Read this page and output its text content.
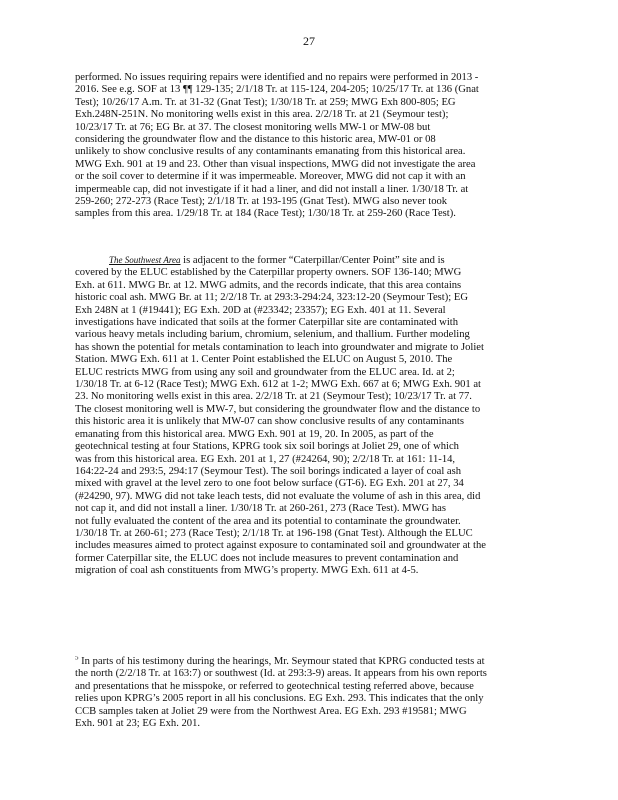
27
performed. No issues requiring repairs were identified and no repairs were performed in 2013 -
2016. See e.g. SOF at 13 ¶¶ 129-135; 2/1/18 Tr. at 115-124, 204-205; 10/25/17 Tr. at 136 (Gnat
Test); 10/26/17 A.m. Tr. at 31-32 (Gnat Test); 1/30/18 Tr. at 259; MWG Exh 800-805; EG
Exh.248N-251N. No monitoring wells exist in this area. 2/2/18 Tr. at 21 (Seymour test);
10/23/17 Tr. at 76; EG Br. at 37. The closest monitoring wells MW-1 or MW-08 but
considering the groundwater flow and the distance to this historic area, MW-01 or 08
unlikely to show conclusive results of any contaminants emanating from this historical area.
MWG Exh. 901 at 19 and 23. Other than visual inspections, MWG did not investigate the area
or the soil cover to determine if it was impermeable. Moreover, MWG did not cap it with an
impermeable cap, did not investigate if it had a liner, and did not install a liner. 1/30/18 Tr. at
259-260; 272-273 (Race Test); 2/1/18 Tr. at 193-195 (Gnat Test). MWG also never took
samples from this area. 1/29/18 Tr. at 184 (Race Test); 1/30/18 Tr. at 259-260 (Race Test).
The Southwest Area is adjacent to the former “Caterpillar/Center Point” site and is
covered by the ELUC established by the Caterpillar property owners. SOF 136-140; MWG
Exh. at 611. MWG Br. at 12. MWG admits, and the records indicate, that this area contains
historic coal ash. MWG Br. at 11; 2/2/18 Tr. at 293:3-294:24, 323:12-20 (Seymour Test); EG
Exh 248N at 1 (#19441); EG Exh. 20D at (#23342; 23357); EG Exh. 401 at 11. Several
investigations have indicated that soils at the former Caterpillar site are contaminated with
various heavy metals including barium, chromium, selenium, and thallium. Further modeling
has shown the potential for metals contamination to leach into groundwater and migrate to Joliet
Station. MWG Exh. 611 at 1. Center Point established the ELUC on August 5, 2010. The
ELUC restricts MWG from using any soil and groundwater from the ELUC area. Id. at 2;
1/30/18 Tr. at 6-12 (Race Test); MWG Exh. 612 at 1-2; MWG Exh. 667 at 6; MWG Exh. 901 at
23. No monitoring wells exist in this area. 2/2/18 Tr. at 21 (Seymour Test); 10/23/17 Tr. at 77.
The closest monitoring well is MW-7, but considering the groundwater flow and the distance to
this historic area it is unlikely that MW-07 can show conclusive results of any contaminants
emanating from this historical area. MWG Exh. 901 at 19, 20. In 2005, as part of the
geotechnical testing at four Stations, KPRG took six soil borings at Joliet 29, one of which
was from this historical area. EG Exh. 201 at 1, 27 (#24264, 90); 2/2/18 Tr. at 161: 11-14,
164:22-24 and 293:5, 294:17 (Seymour Test). The soil borings indicated a layer of coal ash
mixed with gravel at the level zero to one foot below surface (GT-6). EG Exh. 201 at 27, 34
(#24290, 97). MWG did not take leach tests, did not evaluate the volume of ash in this area, did
not cap it, and did not install a liner. 1/30/18 Tr. at 260-261, 273 (Race Test). MWG has
not fully evaluated the content of the area and its potential to contaminate the groundwater.
1/30/18 Tr. at 260-61; 273 (Race Test); 2/1/18 Tr. at 196-198 (Gnat Test). Although the ELUC
includes measures aimed to protect against exposure to contaminated soil and groundwater at the
former Caterpillar site, the ELUC does not include measures to prevent contamination and
migration of coal ash constituents from MWG’s property. MWG Exh. 611 at 4-5.
$^5$ In parts of his testimony during the hearings, Mr. Seymour stated that KPRG conducted tests at
the north (2/2/18 Tr. at 163:7) or southwest (Id. at 293:3-9) areas. It appears from his own reports
and presentations that he misspoke, or referred to geotechnical testing referred above, because
relies upon KPRG’s 2005 report in all his conclusions. EG Exh. 293. This indicates that the only
CCB samples taken at Joliet 29 were from the Northwest Area. EG Exh. 293 #19581; MWG
Exh. 901 at 23; EG Exh. 201.
